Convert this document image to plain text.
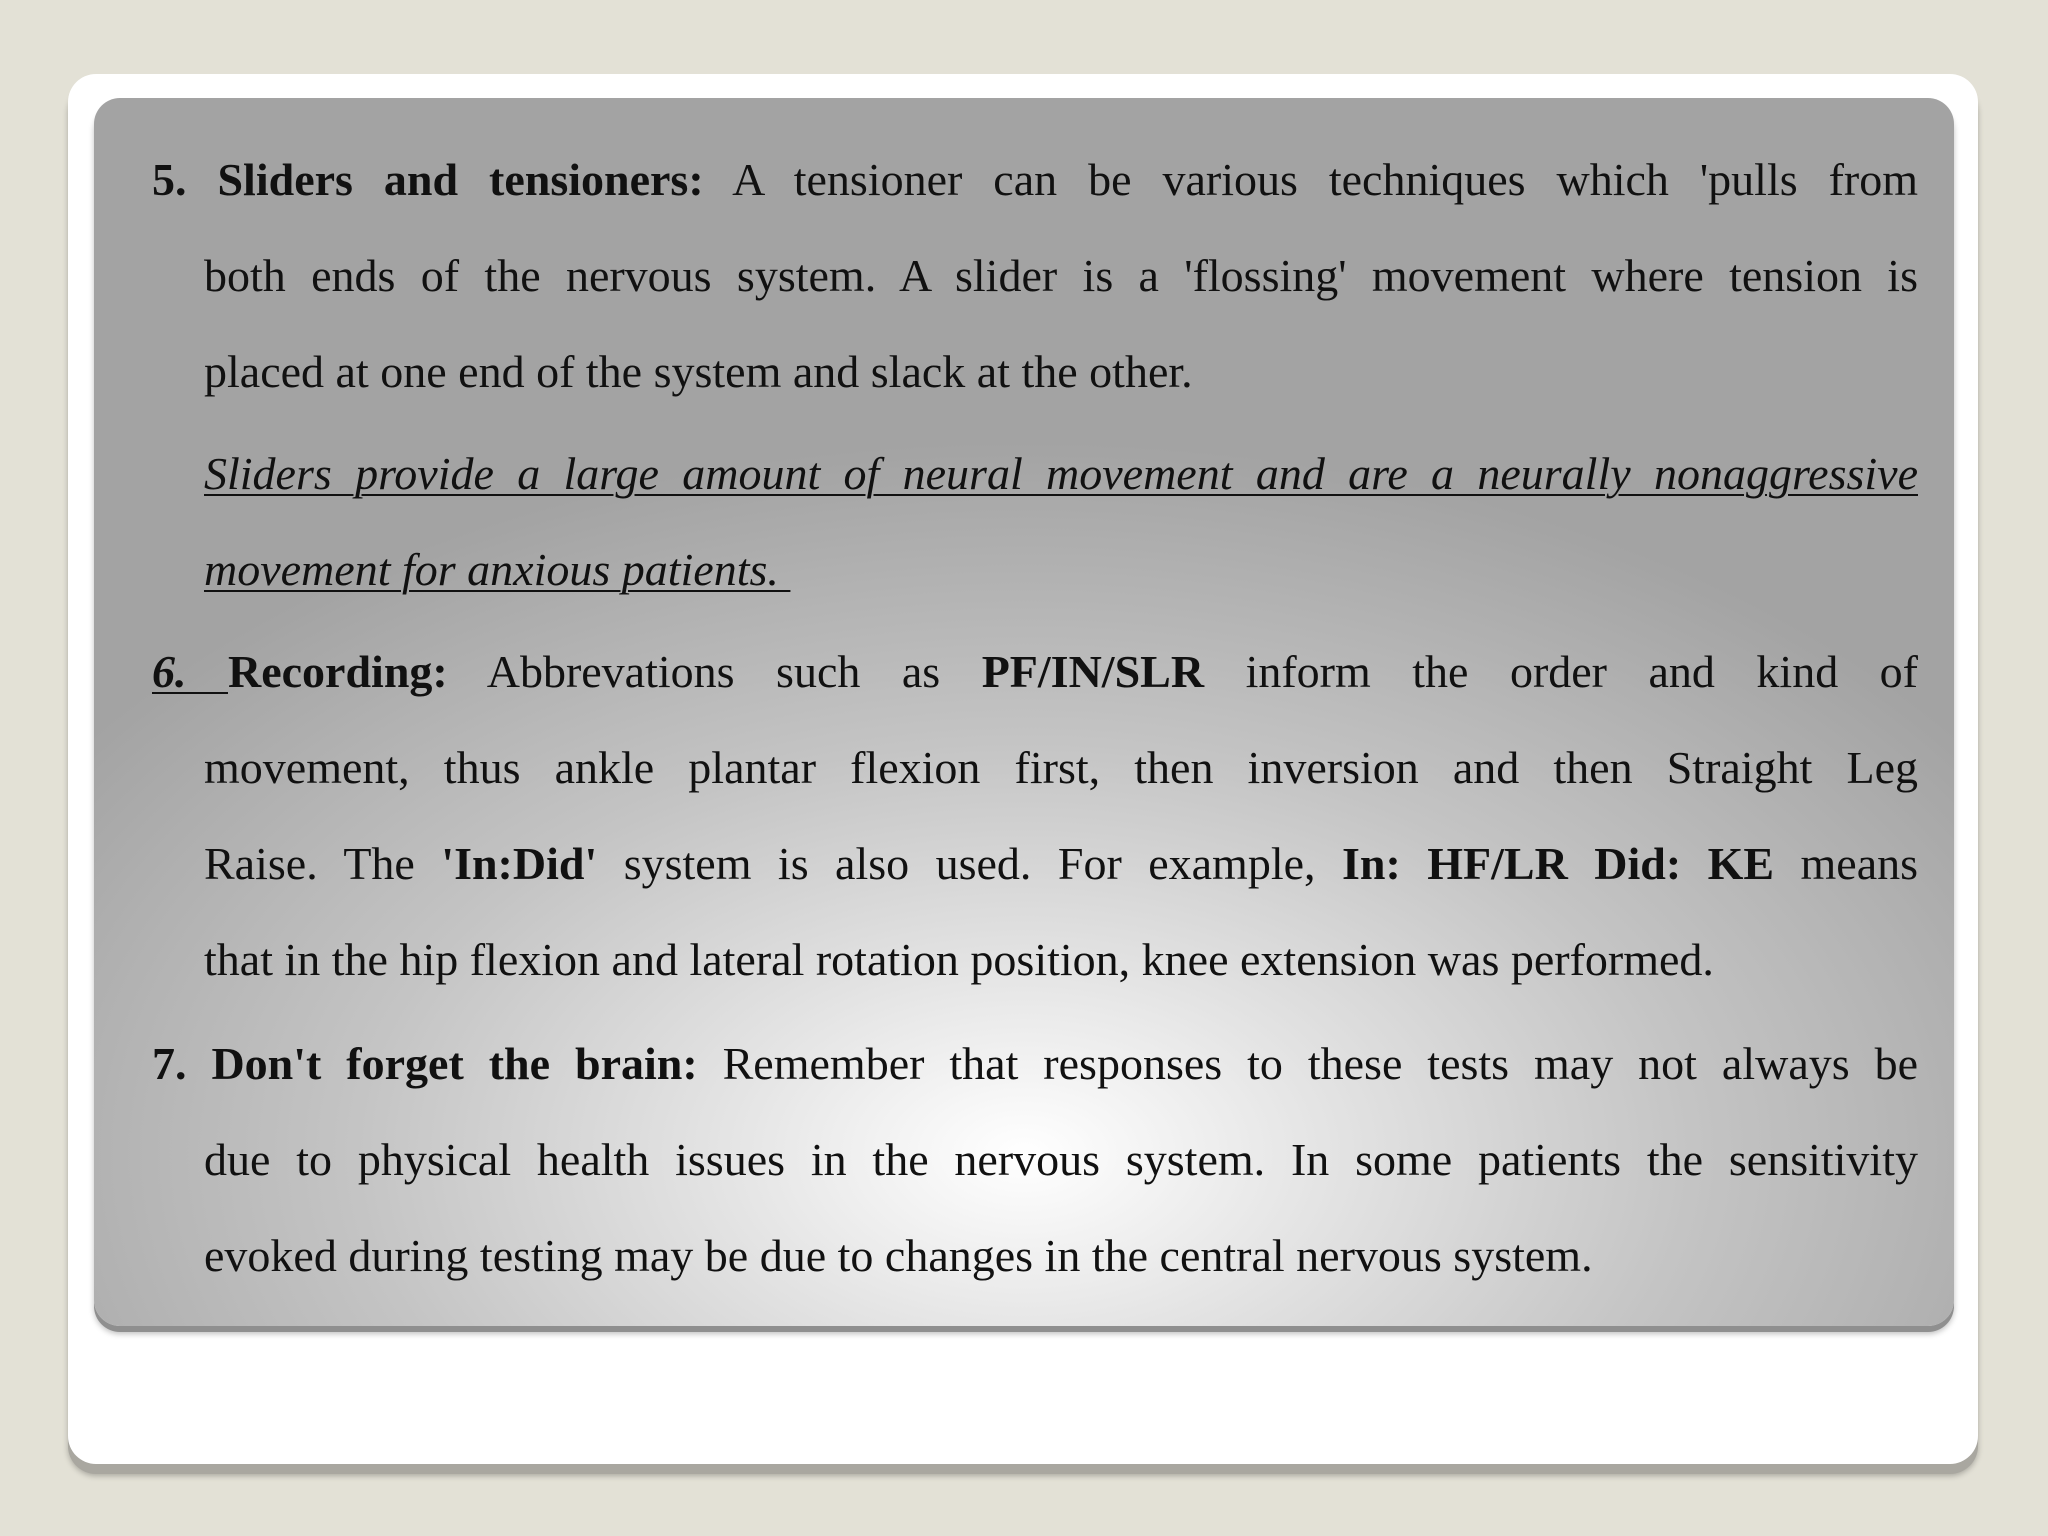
5. Sliders and tensioners: A tensioner can be various techniques which 'pulls from
both ends of the nervous system. A slider is a 'flossing' movement where tension is
placed at one end of the system and slack at the other.
Sliders provide a large amount of neural movement and are a neurally nonaggressive
movement for anxious patients.
6. Recording: Abbrevations such as PF/IN/SLR inform the order and kind of
movement, thus ankle plantar flexion first, then inversion and then Straight Leg
Raise. The 'In:Did' system is also used. For example, In: HF/LR Did: KE means
that in the hip flexion and lateral rotation position, knee extension was performed.
7. Don't forget the brain: Remember that responses to these tests may not always be
due to physical health issues in the nervous system. In some patients the sensitivity
evoked during testing may be due to changes in the central nervous system.
